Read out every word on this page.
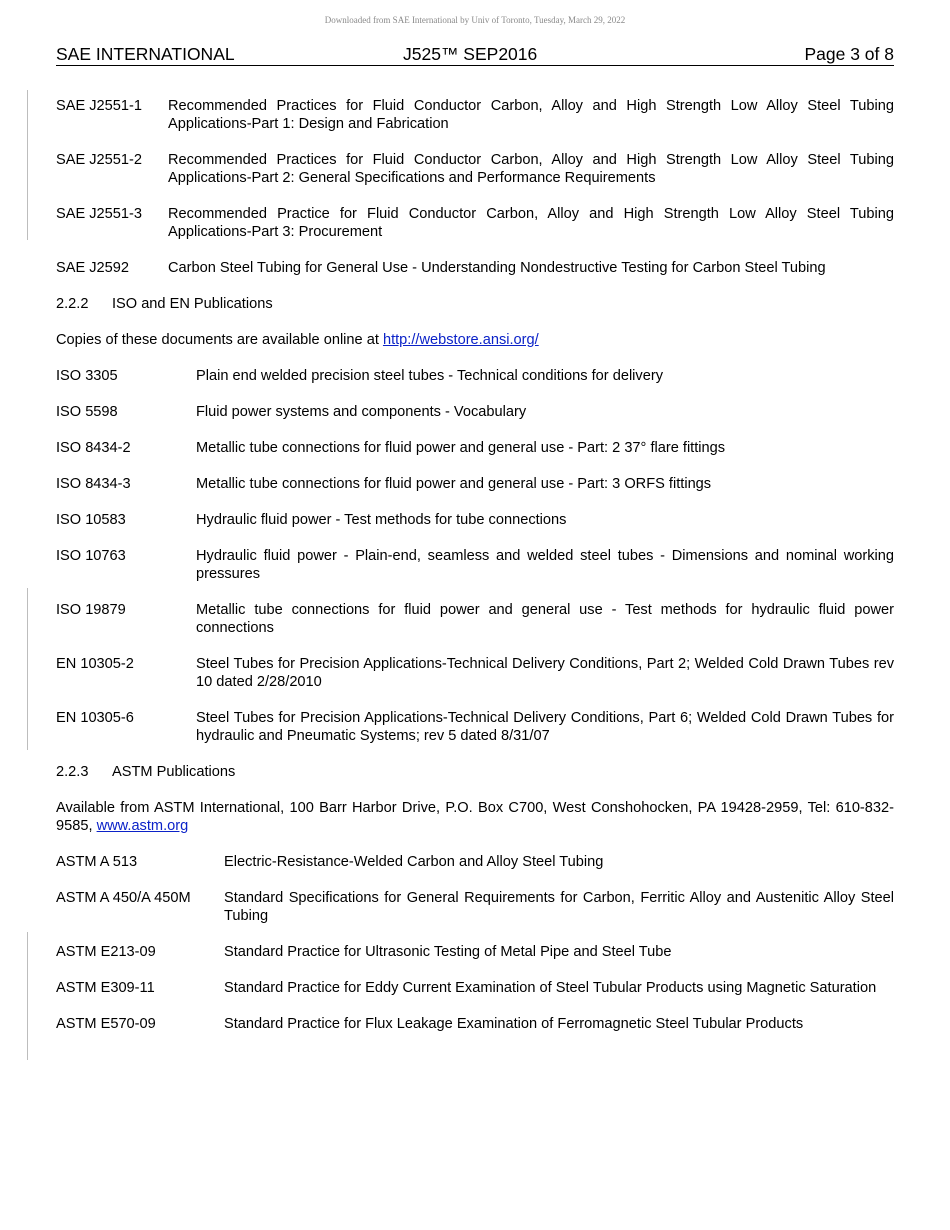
Downloaded from SAE International by Univ of Toronto, Tuesday, March 29, 2022
SAE INTERNATIONAL	J525™ SEP2016	Page 3 of 8
SAE J2551-1	Recommended Practices for Fluid Conductor Carbon, Alloy and High Strength Low Alloy Steel Tubing Applications-Part 1: Design and Fabrication
SAE J2551-2	Recommended Practices for Fluid Conductor Carbon, Alloy and High Strength Low Alloy Steel Tubing Applications-Part 2: General Specifications and Performance Requirements
SAE J2551-3	Recommended Practice for Fluid Conductor Carbon, Alloy and High Strength Low Alloy Steel Tubing Applications-Part 3: Procurement
SAE J2592	Carbon Steel Tubing for General Use - Understanding Nondestructive Testing for Carbon Steel Tubing
2.2.2	ISO and EN Publications
Copies of these documents are available online at http://webstore.ansi.org/
ISO 3305	Plain end welded precision steel tubes - Technical conditions for delivery
ISO 5598	Fluid power systems and components - Vocabulary
ISO 8434-2	Metallic tube connections for fluid power and general use - Part: 2 37° flare fittings
ISO 8434-3	Metallic tube connections for fluid power and general use - Part: 3 ORFS fittings
ISO 10583	Hydraulic fluid power - Test methods for tube connections
ISO 10763	Hydraulic fluid power - Plain-end, seamless and welded steel tubes - Dimensions and nominal working pressures
ISO 19879	Metallic tube connections for fluid power and general use - Test methods for hydraulic fluid power connections
EN 10305-2	Steel Tubes for Precision Applications-Technical Delivery Conditions, Part 2; Welded Cold Drawn Tubes rev 10 dated 2/28/2010
EN 10305-6	Steel Tubes for Precision Applications-Technical Delivery Conditions, Part 6; Welded Cold Drawn Tubes for hydraulic and Pneumatic Systems; rev 5 dated 8/31/07
2.2.3	ASTM Publications
Available from ASTM International, 100 Barr Harbor Drive, P.O. Box C700, West Conshohocken, PA 19428-2959, Tel: 610-832-9585, www.astm.org
ASTM A 513	Electric-Resistance-Welded Carbon and Alloy Steel Tubing
ASTM A 450/A 450M	Standard Specifications for General Requirements for Carbon, Ferritic Alloy and Austenitic Alloy Steel Tubing
ASTM E213-09	Standard Practice for Ultrasonic Testing of Metal Pipe and Steel Tube
ASTM E309-11	Standard Practice for Eddy Current Examination of Steel Tubular Products using Magnetic Saturation
ASTM E570-09	Standard Practice for Flux Leakage Examination of Ferromagnetic Steel Tubular Products
